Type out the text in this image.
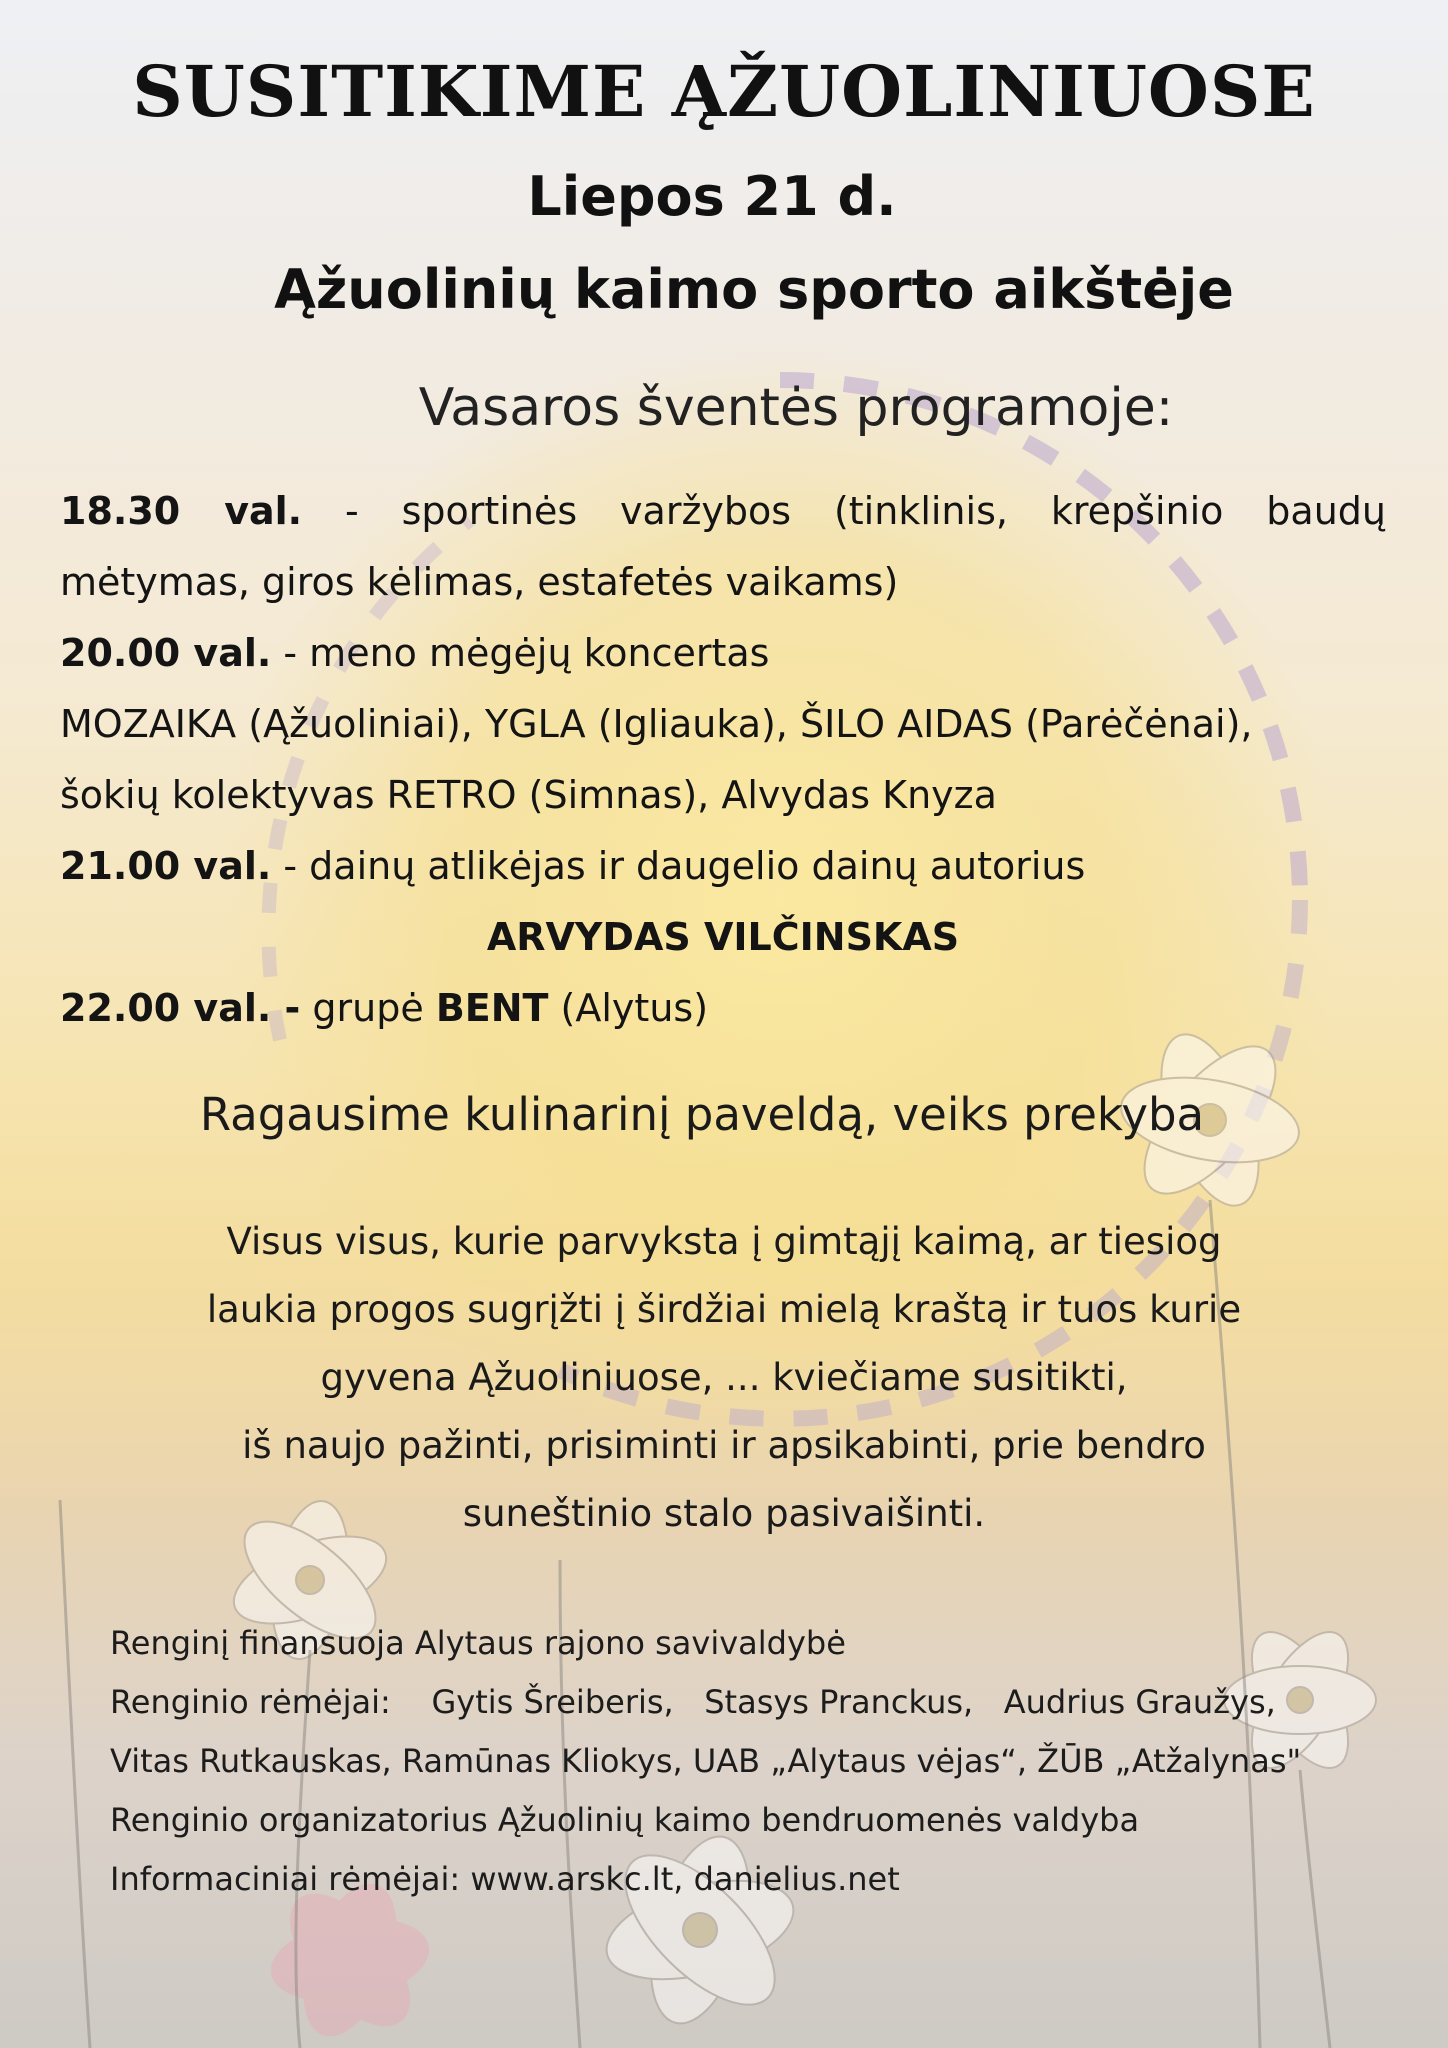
SUSITIKIME ĄŽUOLINIUOSE
Liepos 21 d.
Ąžuolinių kaimo sporto aikštėje
Vasaros šventės programoje:
18.30 val. - sportinės varžybos (tinklinis, krepšinio baudų
mėtymas, giros kėlimas, estafetės vaikams)
20.00 val. - meno mėgėjų koncertas
MOZAIKA (Ąžuoliniai), YGLA (Igliauka), ŠILO AIDAS (Parėčėnai),
šokių kolektyvas RETRO (Simnas), Alvydas Knyza
21.00 val. - dainų atlikėjas ir daugelio dainų autorius
ARVYDAS VILČINSKAS
22.00 val. - grupė BENT (Alytus)
Ragausime kulinarinį paveldą, veiks prekyba
Visus visus, kurie parvyksta į gimtąjį kaimą, ar tiesiog
laukia progos sugrįžti į širdžiai mielą kraštą ir tuos kurie
gyvena Ąžuoliniuose, ... kviečiame susitikti,
iš naujo pažinti, prisiminti ir apsikabinti, prie bendro
suneštinio stalo pasivaišinti.
Renginį finansuoja Alytaus rajono savivaldybė
Renginio rėmėjai:    Gytis Šreiberis,   Stasys Pranckus,   Audrius Graužys,
Vitas Rutkauskas, Ramūnas Kliokys, UAB „Alytaus vėjas“, ŽŪB „Atžalynas"
Renginio organizatorius Ąžuolinių kaimo bendruomenės valdyba
Informaciniai rėmėjai: www.arskc.lt, danielius.net
